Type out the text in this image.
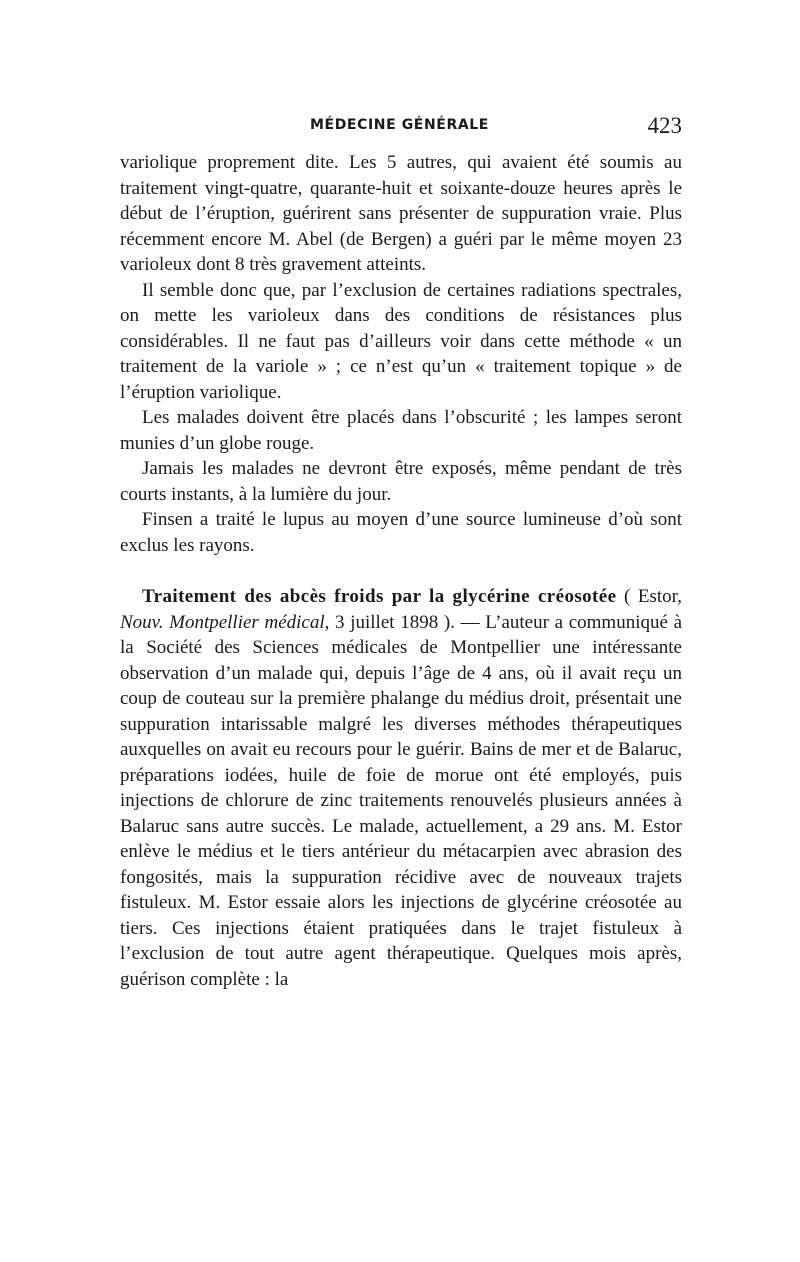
MÉDECINE GÉNÉRALE	423

variolique proprement dite. Les 5 autres, qui avaient été soumis au traitement vingt-quatre, quarante-huit et soixante-douze heures après le début de l’éruption, guérirent sans présenter de suppuration vraie. Plus récemment encore M. Abel (de Bergen) a guéri par le même moyen 23 varioleux dont 8 très gravement atteints.

Il semble donc que, par l’exclusion de certaines radiations spectrales, on mette les varioleux dans des conditions de résistances plus considérables. Il ne faut pas d’ailleurs voir dans cette méthode « un traitement de la variole » ; ce n’est qu’un « traitement topique » de l’éruption variolique.

Les malades doivent être placés dans l’obscurité ; les lampes seront munies d’un globe rouge.

Jamais les malades ne devront être exposés, même pendant de très courts instants, à la lumière du jour.

Finsen a traité le lupus au moyen d’une source lumineuse d’où sont exclus les rayons.

Traitement des abcès froids par la glycérine créosotée ( Estor, Nouv. Montpellier médical, 3 juillet 1898 ). — L’auteur a communiqué à la Société des Sciences médicales de Montpellier une intéressante observation d’un malade qui, depuis l’âge de 4 ans, où il avait reçu un coup de couteau sur la première phalange du médius droit, présentait une suppuration intarissable malgré les diverses méthodes thérapeutiques auxquelles on avait eu recours pour le guérir. Bains de mer et de Balaruc, préparations iodées, huile de foie de morue ont été employés, puis injections de chlorure de zinc traitements renouvelés plusieurs années à Balaruc sans autre succès. Le malade, actuellement, a 29 ans. M. Estor enlève le médius et le tiers antérieur du métacarpien avec abrasion des fongosités, mais la suppuration récidive avec de nouveaux trajets fistuleux. M. Estor essaie alors les injections de glycérine créosotée au tiers. Ces injections étaient pratiquées dans le trajet fistuleux à l’exclusion de tout autre agent thérapeutique. Quelques mois après, guérison complète : la
